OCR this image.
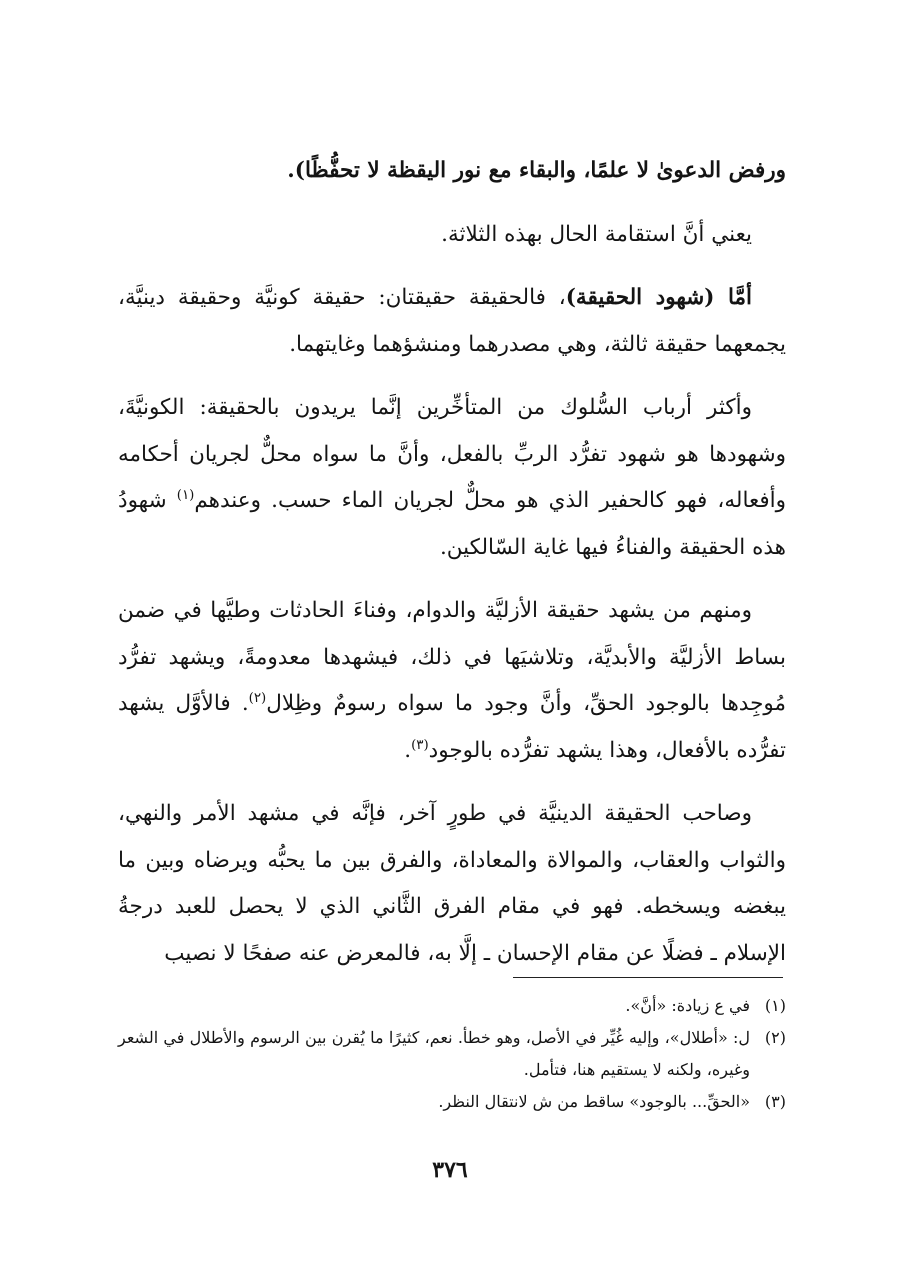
ورفض الدعوىٰ لا علمًا، والبقاء مع نور اليقظة لا تحفُّظًا).

يعني أنَّ استقامة الحال بهذه الثلاثة.

أمَّا (شهود الحقيقة)، فالحقيقة حقيقتان: حقيقة كونيَّة وحقيقة دينيَّة، يجمعهما حقيقة ثالثة، وهي مصدرهما ومنشؤهما وغايتهما.

وأكثر أرباب السُّلوك من المتأخِّرين إنَّما يريدون بالحقيقة: الكونيَّةَ، وشهودها هو شهود تفرُّد الربِّ بالفعل، وأنَّ ما سواه محلٌّ لجريان أحكامه وأفعاله، فهو كالحفير الذي هو محلٌّ لجريان الماء حسب. وعندهم$^{(١)}$ شهودُ هذه الحقيقة والفناءُ فيها غاية السّالكين.

ومنهم من يشهد حقيقة الأزليَّة والدوام، وفناءَ الحادثات وطيَّها في ضمن بساط الأزليَّة والأبديَّة، وتلاشيَها في ذلك، فيشهدها معدومةً، ويشهد تفرُّد مُوجِدها بالوجود الحقِّ، وأنَّ وجود ما سواه رسومٌ وظِلال$^{(٢)}$. فالأوَّل يشهد تفرُّده بالأفعال، وهذا يشهد تفرُّده بالوجود$^{(٣)}$.

وصاحب الحقيقة الدينيَّة في طورٍ آخر، فإنَّه في مشهد الأمر والنهي، والثواب والعقاب، والموالاة والمعاداة، والفرق بين ما يحبُّه ويرضاه وبين ما يبغضه ويسخطه. فهو في مقام الفرق الثَّاني الذي لا يحصل للعبد درجةُ الإسلام ـ فضلًا عن مقام الإحسان ـ إلَّا به، فالمعرض عنه صفحًا لا نصيب

(١)
في ع زيادة: «أنَّ».
(٢)
ل: «أطلال»، وإليه غُيِّر في الأصل، وهو خطأ. نعم، كثيرًا ما يُقرن بين الرسوم والأطلال في الشعر وغيره، ولكنه لا يستقيم هنا، فتأمل.
(٣)
«الحقِّ... بالوجود» ساقط من ش لانتقال النظر.
٣٧٦
